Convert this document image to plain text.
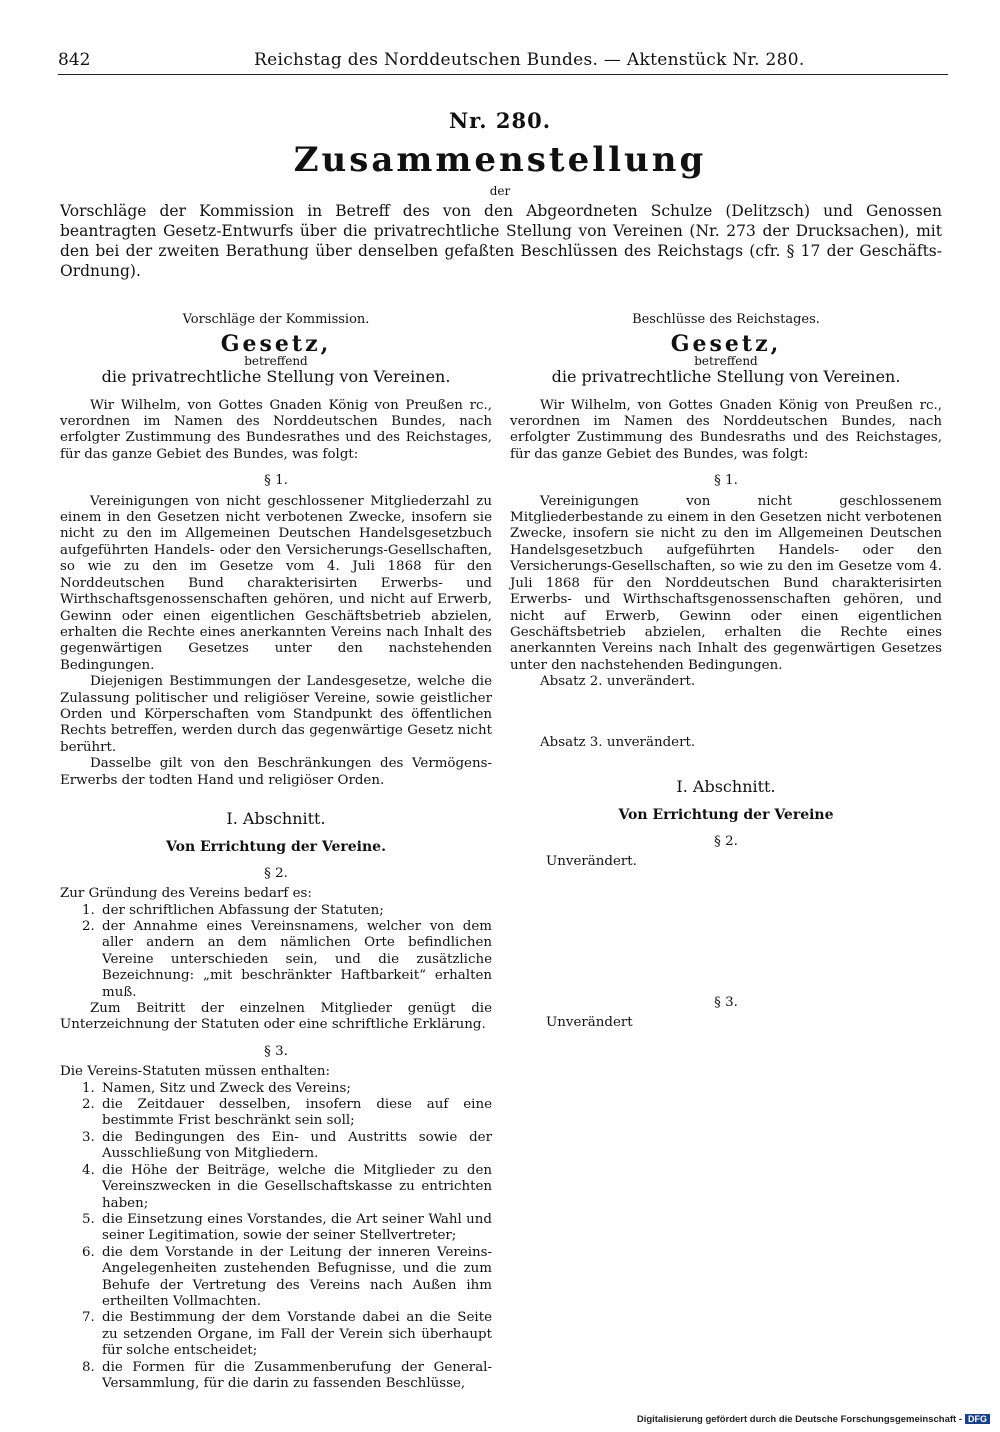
842	Reichstag des Norddeutschen Bundes. — Aktenstück Nr. 280.
Nr. 280.
Zusammenstellung
der
Vorschläge der Kommission in Betreff des von den Abgeordneten Schulze (Delitzsch) und Genossen beantragten Gesetz-Entwurfs über die privatrechtliche Stellung von Vereinen (Nr. 273 der Drucksachen), mit den bei der zweiten Berathung über denselben gefaßten Beschlüssen des Reichstags (cfr. § 17 der Geschäfts-Ordnung).

Vorschläge der Kommission.

Gesetz,

betreffend

die privatrechtliche Stellung von Vereinen.

Wir Wilhelm, von Gottes Gnaden König von Preußen rc., verordnen im Namen des Norddeutschen Bundes, nach erfolgter Zustimmung des Bundesrathes und des Reichstages, für das ganze Gebiet des Bundes, was folgt:

§ 1.

Vereinigungen von nicht geschlossener Mitgliederzahl zu einem in den Gesetzen nicht verbotenen Zwecke, insofern sie nicht zu den im Allgemeinen Deutschen Handelsgesetzbuch aufgeführten Handels- oder den Versicherungs-Gesellschaften, so wie zu den im Gesetze vom 4. Juli 1868 für den Norddeutschen Bund charakterisirten Erwerbs- und Wirthschaftsgenossenschaften gehören, und nicht auf Erwerb, Gewinn oder einen eigentlichen Geschäftsbetrieb abzielen, erhalten die Rechte eines anerkannten Vereins nach Inhalt des gegenwärtigen Gesetzes unter den nachstehenden Bedingungen.

Diejenigen Bestimmungen der Landesgesetze, welche die Zulassung politischer und religiöser Vereine, sowie geistlicher Orden und Körperschaften vom Standpunkt des öffentlichen Rechts betreffen, werden durch das gegenwärtige Gesetz nicht berührt.

Dasselbe gilt von den Beschränkungen des Vermögens-Erwerbs der todten Hand und religiöser Orden.

I. Abschnitt.

Von Errichtung der Vereine.

§ 2.

Zur Gründung des Vereins bedarf es:

1. der schriftlichen Abfassung der Statuten;
2. der Annahme eines Vereinsnamens, welcher von dem aller andern an dem nämlichen Orte befindlichen Vereine unterschieden sein, und die zusätzliche Bezeichnung: „mit beschränkter Haftbarkeit“ erhalten muß.

Zum Beitritt der einzelnen Mitglieder genügt die Unterzeichnung der Statuten oder eine schriftliche Erklärung.

§ 3.

Die Vereins-Statuten müssen enthalten:

1. Namen, Sitz und Zweck des Vereins;
2. die Zeitdauer desselben, insofern diese auf eine bestimmte Frist beschränkt sein soll;
3. die Bedingungen des Ein- und Austritts sowie der Ausschließung von Mitgliedern.
4. die Höhe der Beiträge, welche die Mitglieder zu den Vereinszwecken in die Gesellschaftskasse zu entrichten haben;
5. die Einsetzung eines Vorstandes, die Art seiner Wahl und seiner Legitimation, sowie der seiner Stellvertreter;
6. die dem Vorstande in der Leitung der inneren Vereins-Angelegenheiten zustehenden Befugnisse, und die zum Behufe der Vertretung des Vereins nach Außen ihm ertheilten Vollmachten.
7. die Bestimmung der dem Vorstande dabei an die Seite zu setzenden Organe, im Fall der Verein sich überhaupt für solche entscheidet;
8. die Formen für die Zusammenberufung der General-Versammlung, für die darin zu fassenden Beschlüsse,

Beschlüsse des Reichstages.

Gesetz,

betreffend

die privatrechtliche Stellung von Vereinen.

Wir Wilhelm, von Gottes Gnaden König von Preußen rc., verordnen im Namen des Norddeutschen Bundes, nach erfolgter Zustimmung des Bundesraths und des Reichstages, für das ganze Gebiet des Bundes, was folgt:

§ 1.

Vereinigungen von nicht geschlossenem Mitgliederbestande zu einem in den Gesetzen nicht verbotenen Zwecke, insofern sie nicht zu den im Allgemeinen Deutschen Handelsgesetzbuch aufgeführten Handels- oder den Versicherungs-Gesellschaften, so wie zu den im Gesetze vom 4. Juli 1868 für den Norddeutschen Bund charakterisirten Erwerbs- und Wirthschaftsgenossenschaften gehören, und nicht auf Erwerb, Gewinn oder einen eigentlichen Geschäftsbetrieb abzielen, erhalten die Rechte eines anerkannten Vereins nach Inhalt des gegenwärtigen Gesetzes unter den nachstehenden Bedingungen.

Absatz 2. unverändert.

Absatz 3. unverändert.

I. Abschnitt.

Von Errichtung der Vereine

§ 2.

Unverändert.

§ 3.

Unverändert

Digitalisierung gefördert durch die Deutsche Forschungsgemeinschaft - DFG
